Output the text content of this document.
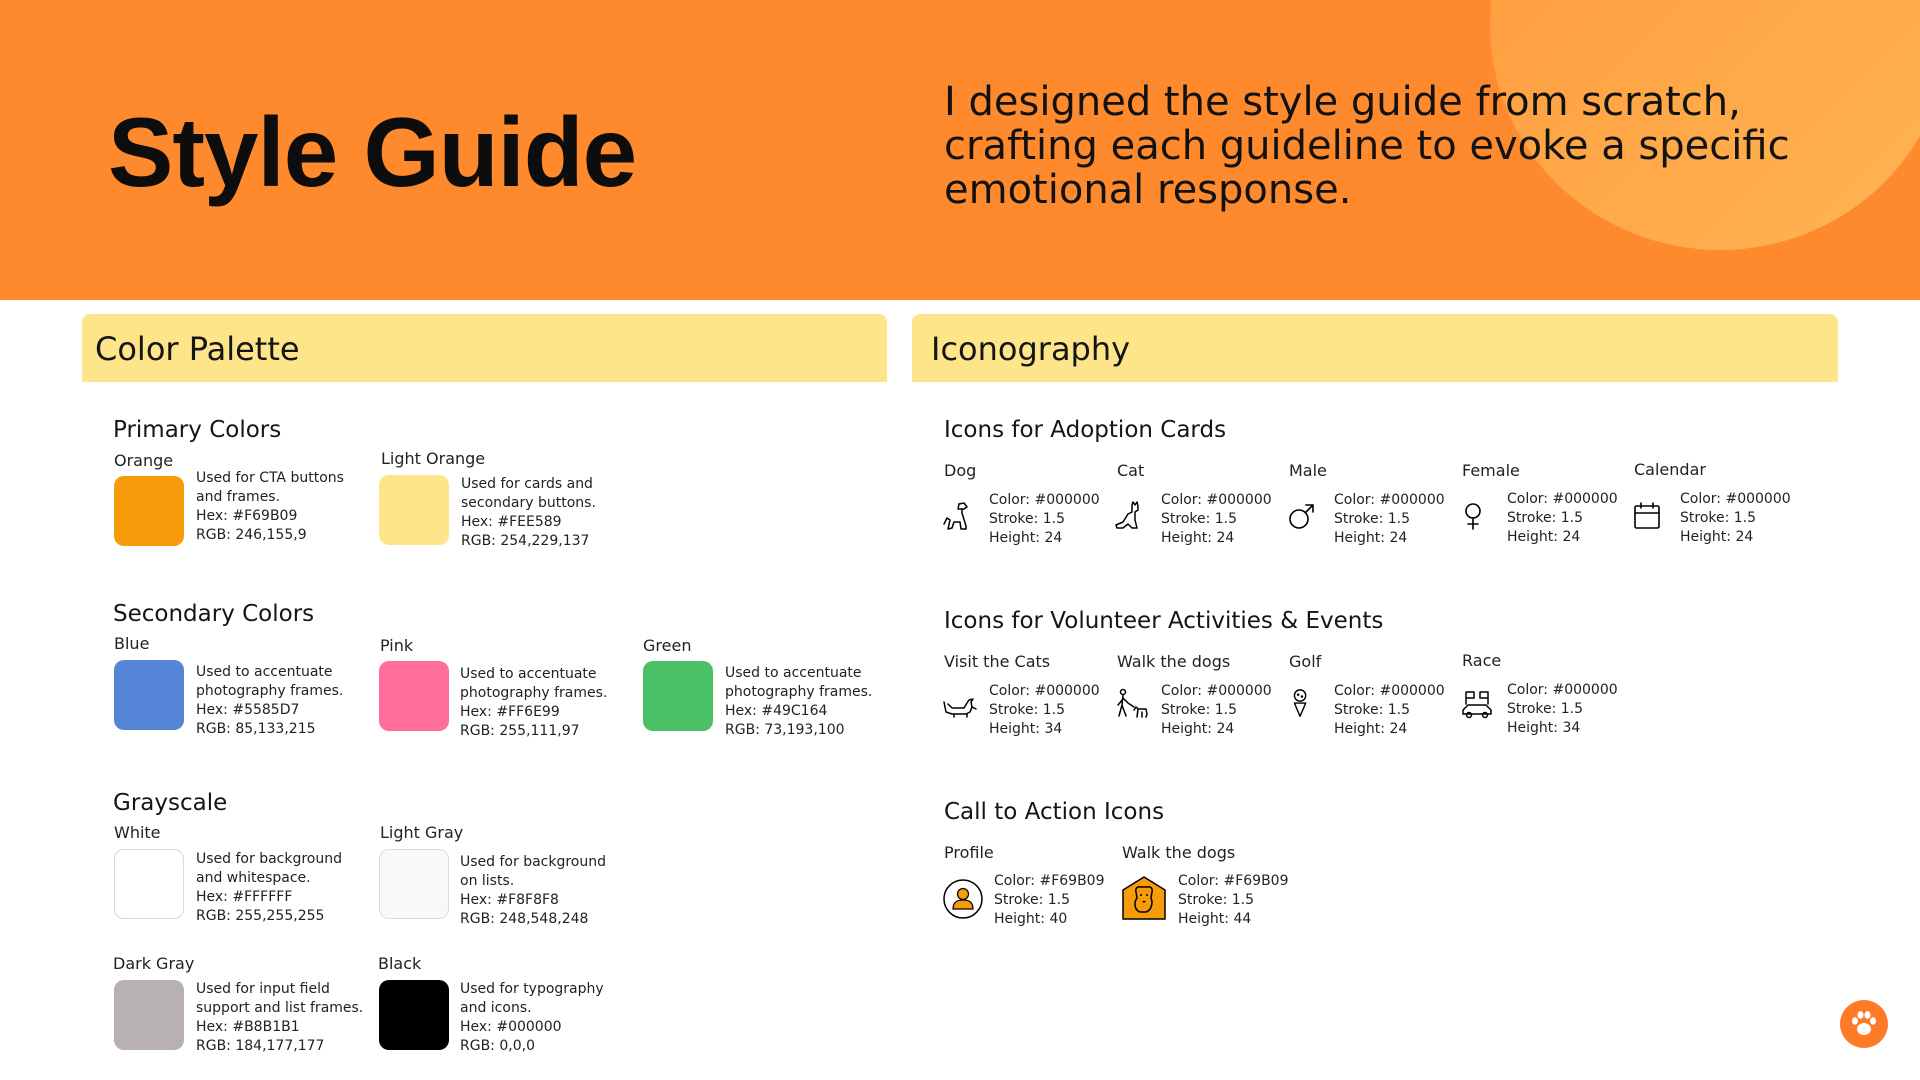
Style Guide	I designed the style guide from scratch, crafting each guideline to evoke a specific emotional response.

Color Palette
Primary Colors

Orange

Used for CTA buttons
and frames.
Hex: #F69B09
RGB: 246,155,9

Light Orange

Used for cards and
secondary buttons.
Hex: #FEE589
RGB: 254,229,137
Secondary Colors

Blue

Used to accentuate
photography frames.
Hex: #5585D7
RGB: 85,133,215

Pink

Used to accentuate
photography frames.
Hex: #FF6E99
RGB: 255,111,97

Green

Used to accentuate
photography frames.
Hex: #49C164
RGB: 73,193,100
Grayscale

White

Used for background
and whitespace.
Hex: #FFFFFF
RGB: 255,255,255

Light Gray

Used for background
on lists.
Hex: #F8F8F8
RGB: 248,548,248

Dark Gray

Used for input field
support and list frames.
Hex: #B8B1B1
RGB: 184,177,177

Black

Used for typography
and icons.
Hex: #000000
RGB: 0,0,0
Iconography
Icons for Adoption Cards

Dog

Color: #000000
Stroke: 1.5
Height: 24

Cat

Color: #000000
Stroke: 1.5
Height: 24

Male

Color: #000000
Stroke: 1.5
Height: 24

Female

Color: #000000
Stroke: 1.5
Height: 24

Calendar

Color: #000000
Stroke: 1.5
Height: 24
Icons for Volunteer Activities & Events

Visit the Cats

Color: #000000
Stroke: 1.5
Height: 34

Walk the dogs

Color: #000000
Stroke: 1.5
Height: 24

Golf

Color: #000000
Stroke: 1.5
Height: 24

Race

Color: #000000
Stroke: 1.5
Height: 34
Call to Action Icons

Profile

Color: #F69B09
Stroke: 1.5
Height: 40

Walk the dogs

Color: #F69B09
Stroke: 1.5
Height: 44
